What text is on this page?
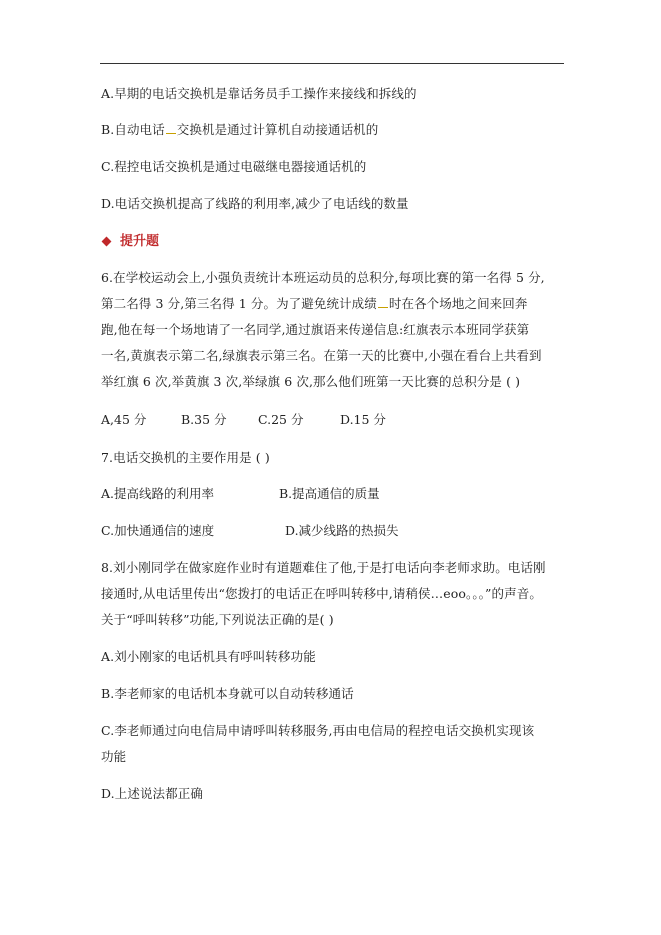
A.早期的电话交换机是靠话务员手工操作来接线和拆线的
B.自动电话 交换机是通过计算机自动接通话机的
C.程控电话交换机是通过电磁继电器接通话机的
D.电话交换机提高了线路的利用率,减少了电话线的数量
提升题
6.在学校运动会上,小强负责统计本班运动员的总积分,每项比赛的第一名得 5 分,
第二名得 3 分,第三名得 1 分。为了避免统计成绩 时在各个场地之间来回奔
跑,他在每一个场地请了一名同学,通过旗语来传递信息:红旗表示本班同学获第
一名,黄旗表示第二名,绿旗表示第三名。在第一天的比赛中,小强在看台上共看到
举红旗 6 次,举黄旗 3 次,举绿旗 6 次,那么他们班第一天比赛的总积分是 ( )
A,45 分	B.35 分	C.25 分	D.15 分
7.电话交换机的主要作用是 ( )
A.提高线路的利用率	B.提高通信的质量
C.加快通通信的速度	D.减少线路的热损失
8.刘小刚同学在做家庭作业时有道题难住了他,于是打电话向李老师求助。电话刚
接通时,从电话里传出“您拨打的电话正在呼叫转移中,请稍侯…eoo。。。”的声音。
关于“呼叫转移”功能,下列说法正确的是( )
A.刘小刚家的电话机具有呼叫转移功能
B.李老师家的电话机本身就可以自动转移通话
C.李老师通过向电信局申请呼叫转移服务,再由电信局的程控电话交换机实现该
功能
D.上述说法都正确
